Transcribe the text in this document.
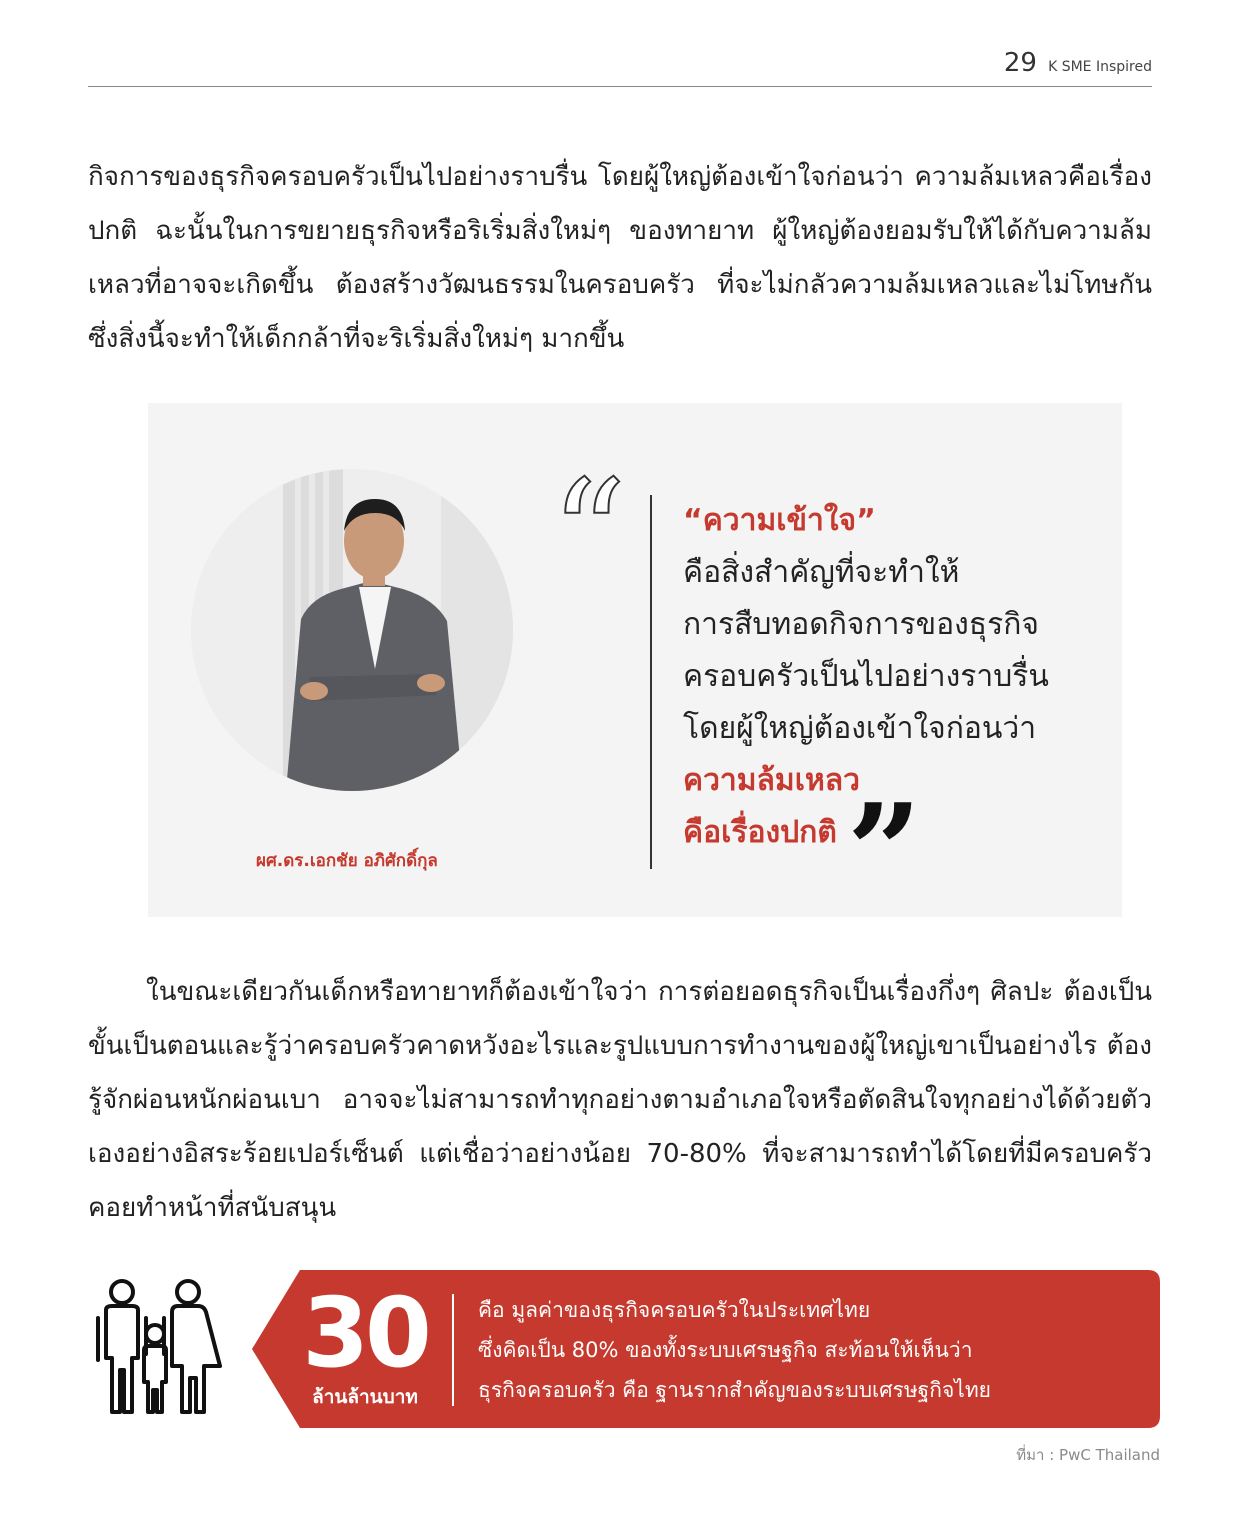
29 K SME Inspired
กิจการของธุรกิจครอบครัวเป็นไปอย่างราบรื่น โดยผู้ใหญ่ต้องเข้าใจก่อนว่า ความล้มเหลวคือเรื่องปกติ ฉะนั้นในการขยายธุรกิจหรือริเริ่มสิ่งใหม่ๆ ของทายาท ผู้ใหญ่ต้องยอมรับให้ได้กับความล้มเหลวที่อาจจะเกิดขึ้น ต้องสร้างวัฒนธรรมในครอบครัว ที่จะไม่กลัวความล้มเหลวและไม่โทษกัน ซึ่งสิ่งนี้จะทำให้เด็กกล้าที่จะริเริ่มสิ่งใหม่ๆ มากขึ้น
ผศ.ดร.เอกชัย อภิศักดิ์กุล
“ “ความเข้าใจ”
คือสิ่งสำคัญที่จะทำให้
การสืบทอดกิจการของธุรกิจ
ครอบครัวเป็นไปอย่างราบรื่น
โดยผู้ใหญ่ต้องเข้าใจก่อนว่า
ความล้มเหลว
คือเรื่องปกติ”
ในขณะเดียวกันเด็กหรือทายาทก็ต้องเข้าใจว่า การต่อยอดธุรกิจเป็นเรื่องกึ่งๆ ศิลปะ ต้องเป็นขั้นเป็นตอนและรู้ว่าครอบครัวคาดหวังอะไรและรูปแบบการทำงานของผู้ใหญ่เขาเป็นอย่างไร ต้องรู้จักผ่อนหนักผ่อนเบา อาจจะไม่สามารถทำทุกอย่างตามอำเภอใจหรือตัดสินใจทุกอย่างได้ด้วยตัวเองอย่างอิสระร้อยเปอร์เซ็นต์ แต่เชื่อว่าอย่างน้อย 70-80% ที่จะสามารถทำได้โดยที่มีครอบครัวคอยทำหน้าที่สนับสนุน
30
ล้านล้านบาท
คือ มูลค่าของธุรกิจครอบครัวในประเทศไทย
ซึ่งคิดเป็น 80% ของทั้งระบบเศรษฐกิจ สะท้อนให้เห็นว่า
ธุรกิจครอบครัว คือ ฐานรากสำคัญของระบบเศรษฐกิจไทย
ที่มา : PwC Thailand
